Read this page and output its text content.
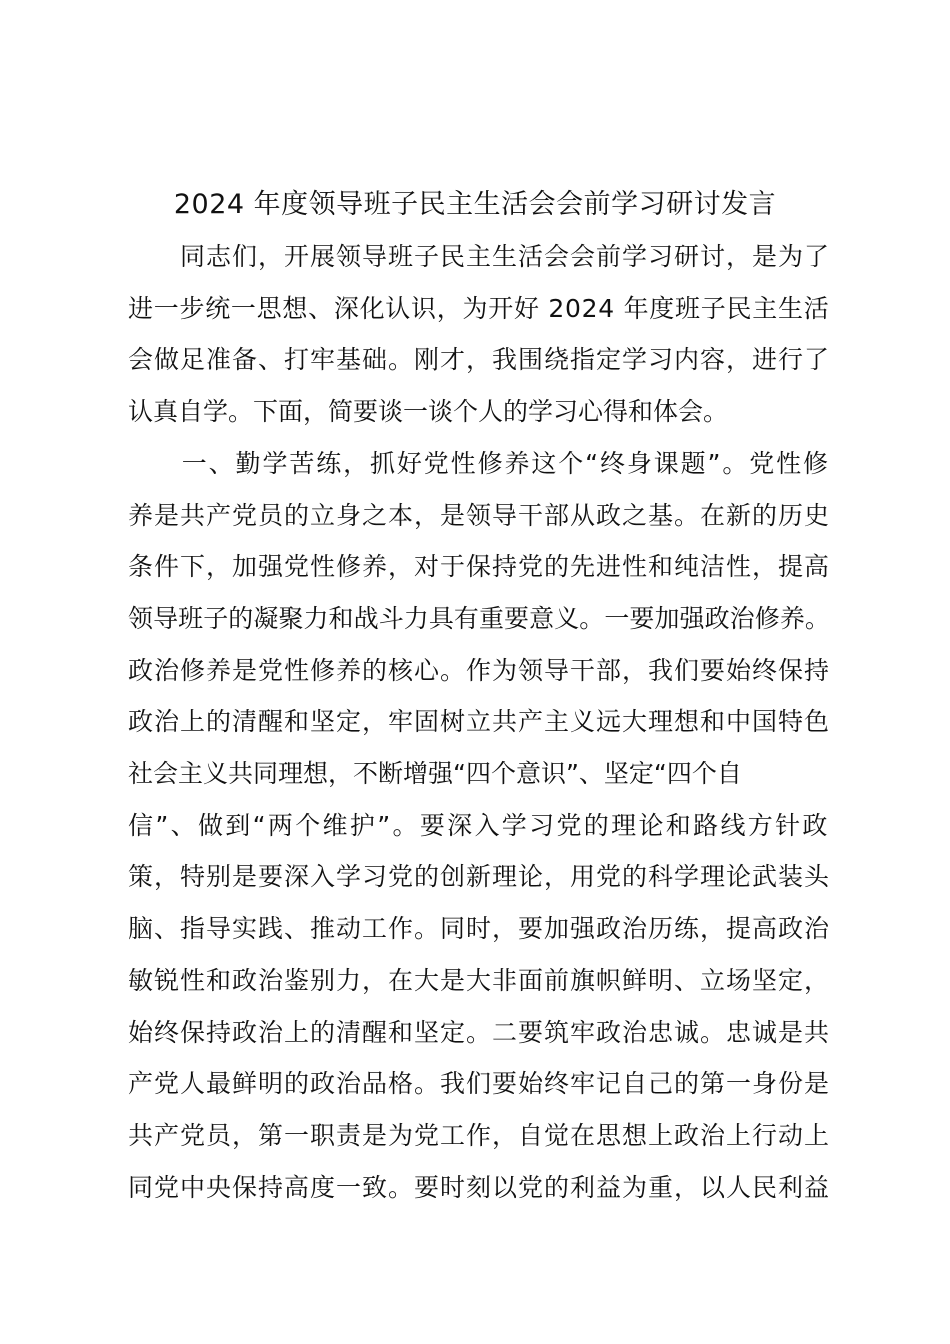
2024 年度领导班子民主生活会会前学习研讨发言
　　同志们，开展领导班子民主生活会会前学习研讨，是为了
进一步统一思想、深化认识，为开好 2024 年度班子民主生活
会做足准备、打牢基础。刚才，我围绕指定学习内容，进行了
认真自学。下面，简要谈一谈个人的学习心得和体会。
　　一、勤学苦练，抓好党性修养这个“终身课题”。党性修
养是共产党员的立身之本，是领导干部从政之基。在新的历史
条件下，加强党性修养，对于保持党的先进性和纯洁性，提高
领导班子的凝聚力和战斗力具有重要意义。一要加强政治修养。
政治修养是党性修养的核心。作为领导干部，我们要始终保持
政治上的清醒和坚定，牢固树立共产主义远大理想和中国特色
社会主义共同理想，不断增强“四个意识”、坚定“四个自
信”、做到“两个维护”。要深入学习党的理论和路线方针政
策，特别是要深入学习党的创新理论，用党的科学理论武装头
脑、指导实践、推动工作。同时，要加强政治历练，提高政治
敏锐性和政治鉴别力，在大是大非面前旗帜鲜明、立场坚定，
始终保持政治上的清醒和坚定。二要筑牢政治忠诚。忠诚是共
产党人最鲜明的政治品格。我们要始终牢记自己的第一身份是
共产党员，第一职责是为党工作，自觉在思想上政治上行动上
同党中央保持高度一致。要时刻以党的利益为重，以人民利益
